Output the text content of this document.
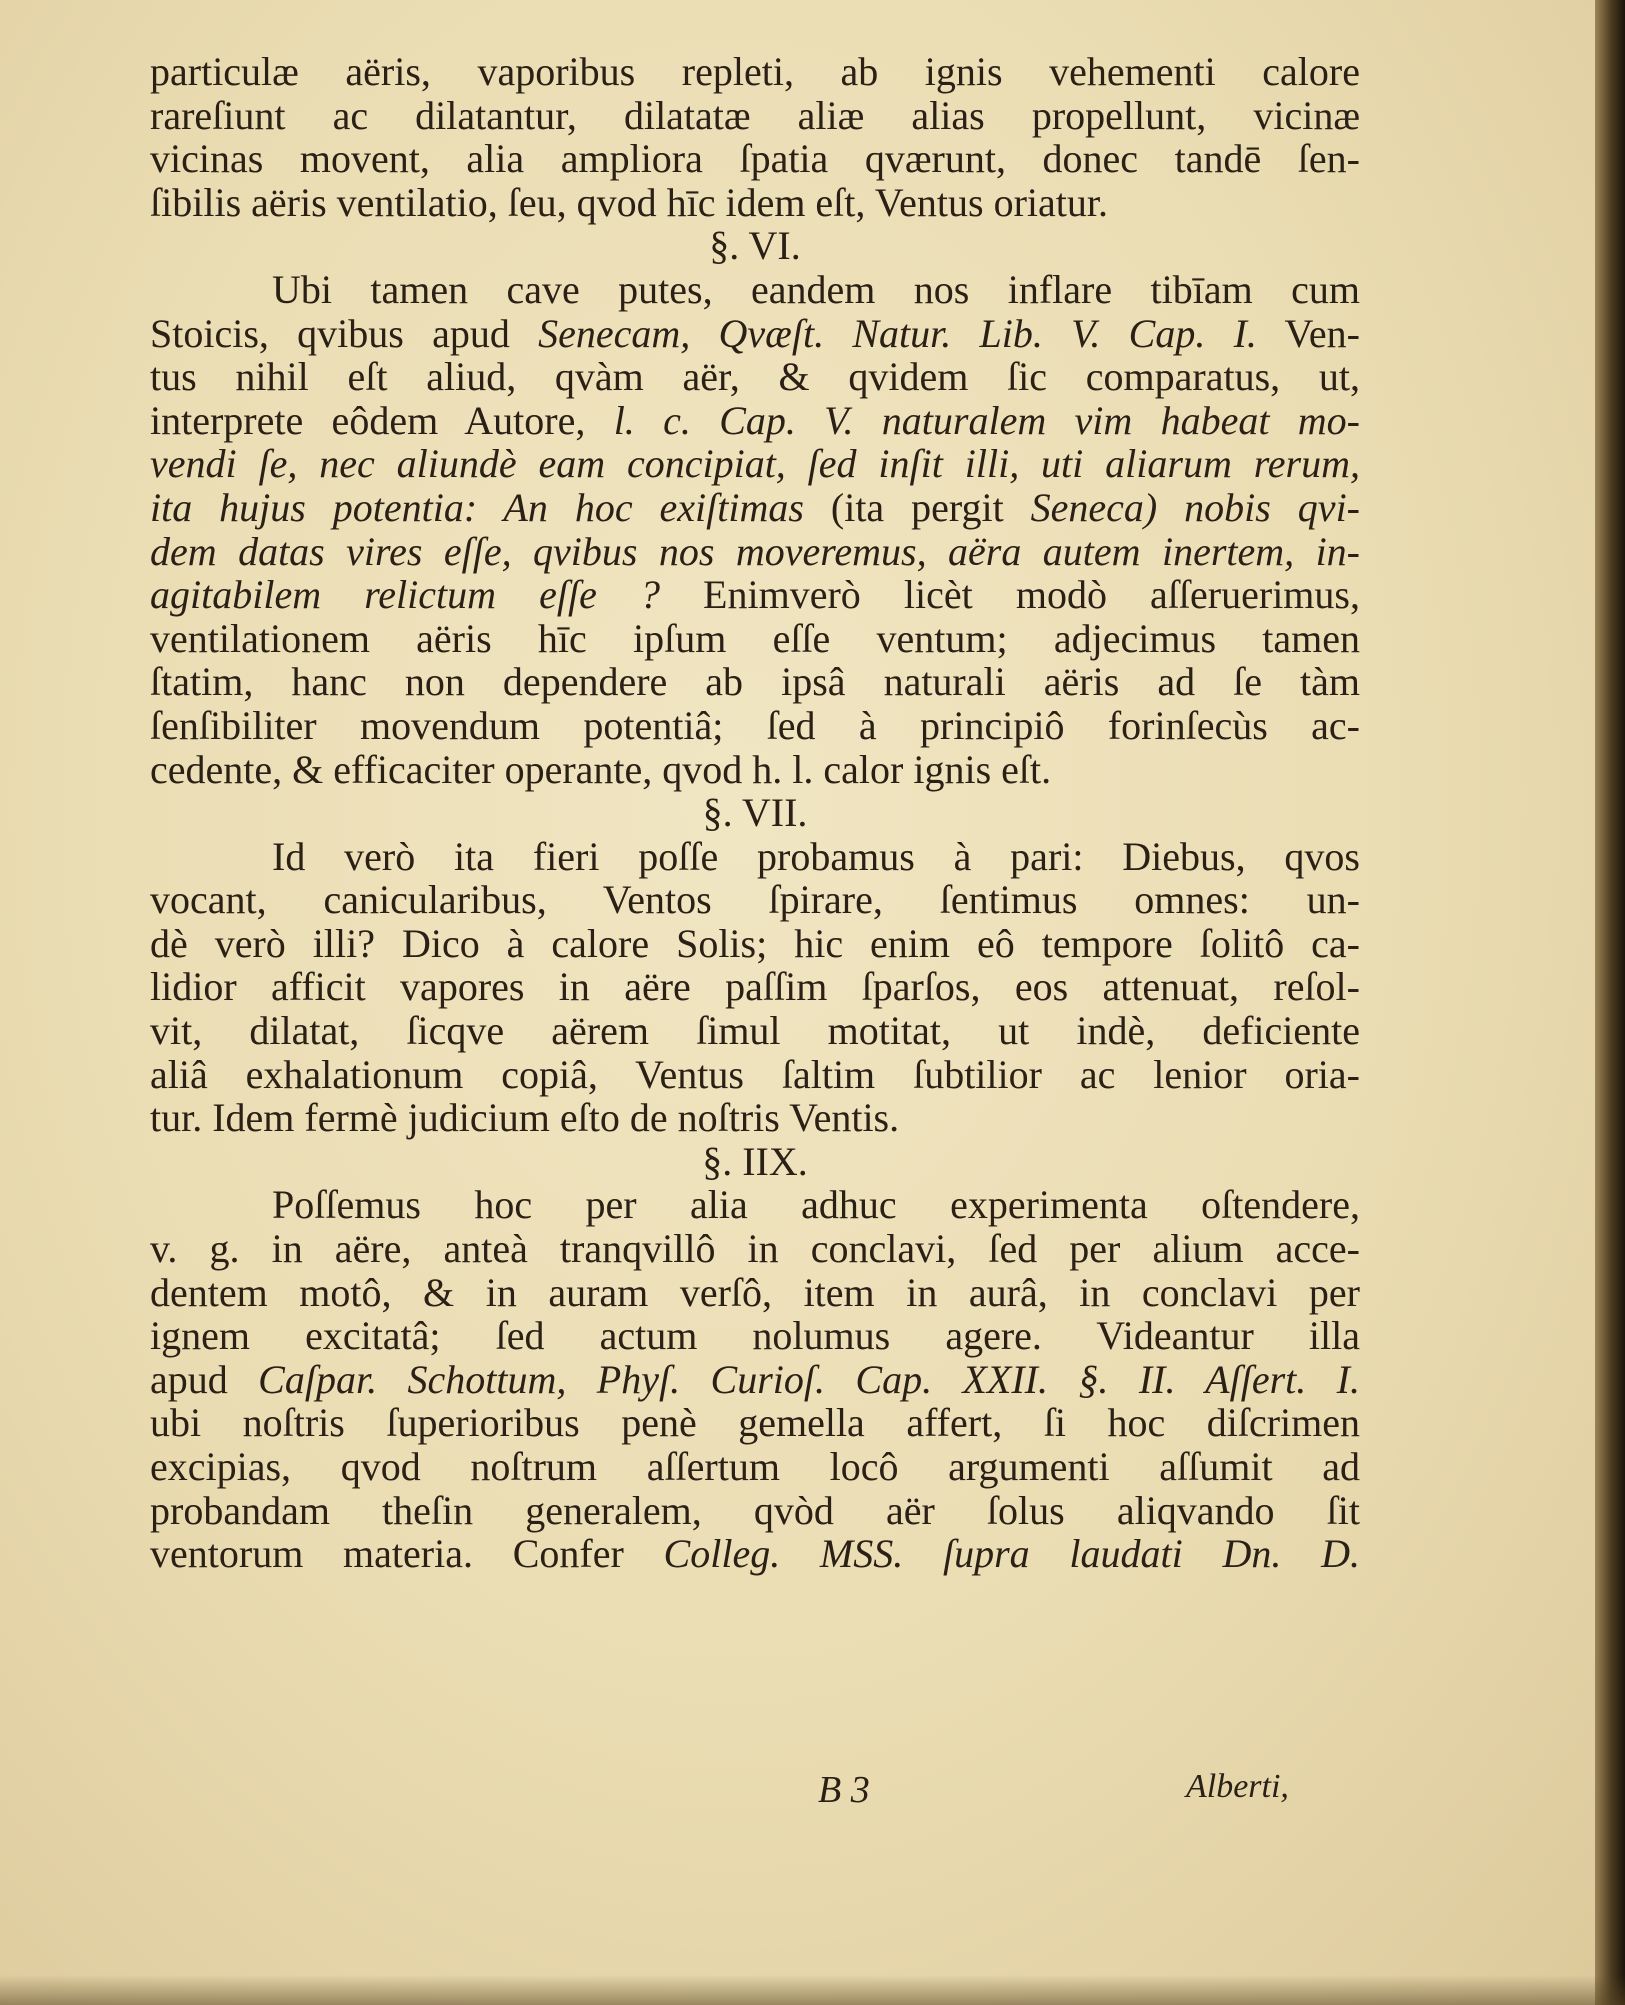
particulæ aëris, vaporibus repleti, ab ignis vehementi calore
rareſiunt ac dilatantur, dilatatæ aliæ alias propellunt, vicinæ
vicinas movent, alia ampliora ſpatia qværunt, donec tandē ſen-
ſibilis aëris ventilatio, ſeu, qvod hīc idem eſt, Ventus oriatur.
§. VI.
Ubi tamen cave putes, eandem nos inflare tibīam cum
Stoicis, qvibus apud Senecam, Qvæſt. Natur. Lib. V. Cap. I. Ven-
tus nihil eſt aliud, qvàm aër, & qvidem ſic comparatus, ut,
interprete eôdem Autore, l. c. Cap. V. naturalem vim habeat mo-
vendi ſe, nec aliundè eam concipiat, ſed inſit illi, uti aliarum rerum,
ita hujus potentia: An hoc exiſtimas (ita pergit Seneca) nobis qvi-
dem datas vires eſſe, qvibus nos moveremus, aëra autem inertem, in-
agitabilem relictum eſſe ? Enimverò licèt modò aſſeruerimus,
ventilationem aëris hīc ipſum eſſe ventum; adjecimus tamen
ſtatim, hanc non dependere ab ipsâ naturali aëris ad ſe tàm
ſenſibiliter movendum potentiâ; ſed à principiô forinſecùs ac-
cedente, & efficaciter operante, qvod h. l. calor ignis eſt.
§. VII.
Id verò ita fieri poſſe probamus à pari: Diebus, qvos
vocant, canicularibus, Ventos ſpirare, ſentimus omnes: un-
dè verò illi? Dico à calore Solis; hic enim eô tempore ſolitô ca-
lidior afficit vapores in aëre paſſim ſparſos, eos attenuat, reſol-
vit, dilatat, ſicqve aërem ſimul motitat, ut indè, deficiente
aliâ exhalationum copiâ, Ventus ſaltim ſubtilior ac lenior oria-
tur. Idem fermè judicium eſto de noſtris Ventis.
§. IIX.
Poſſemus hoc per alia adhuc experimenta oſtendere,
v. g. in aëre, anteà tranqvillô in conclavi, ſed per alium acce-
dentem motô, & in auram verſô, item in aurâ, in conclavi per
ignem excitatâ; ſed actum nolumus agere. Videantur illa
apud Caſpar. Schottum, Phyſ. Curioſ. Cap. XXII. §. II. Aſſert. I.
ubi noſtris ſuperioribus penè gemella affert, ſi hoc diſcrimen
excipias, qvod noſtrum aſſertum locô argumenti aſſumit ad
probandam theſin generalem, qvòd aër ſolus aliqvando ſit
ventorum materia. Confer Colleg. MSS. ſupra laudati Dn. D.
B 3	Alberti,
